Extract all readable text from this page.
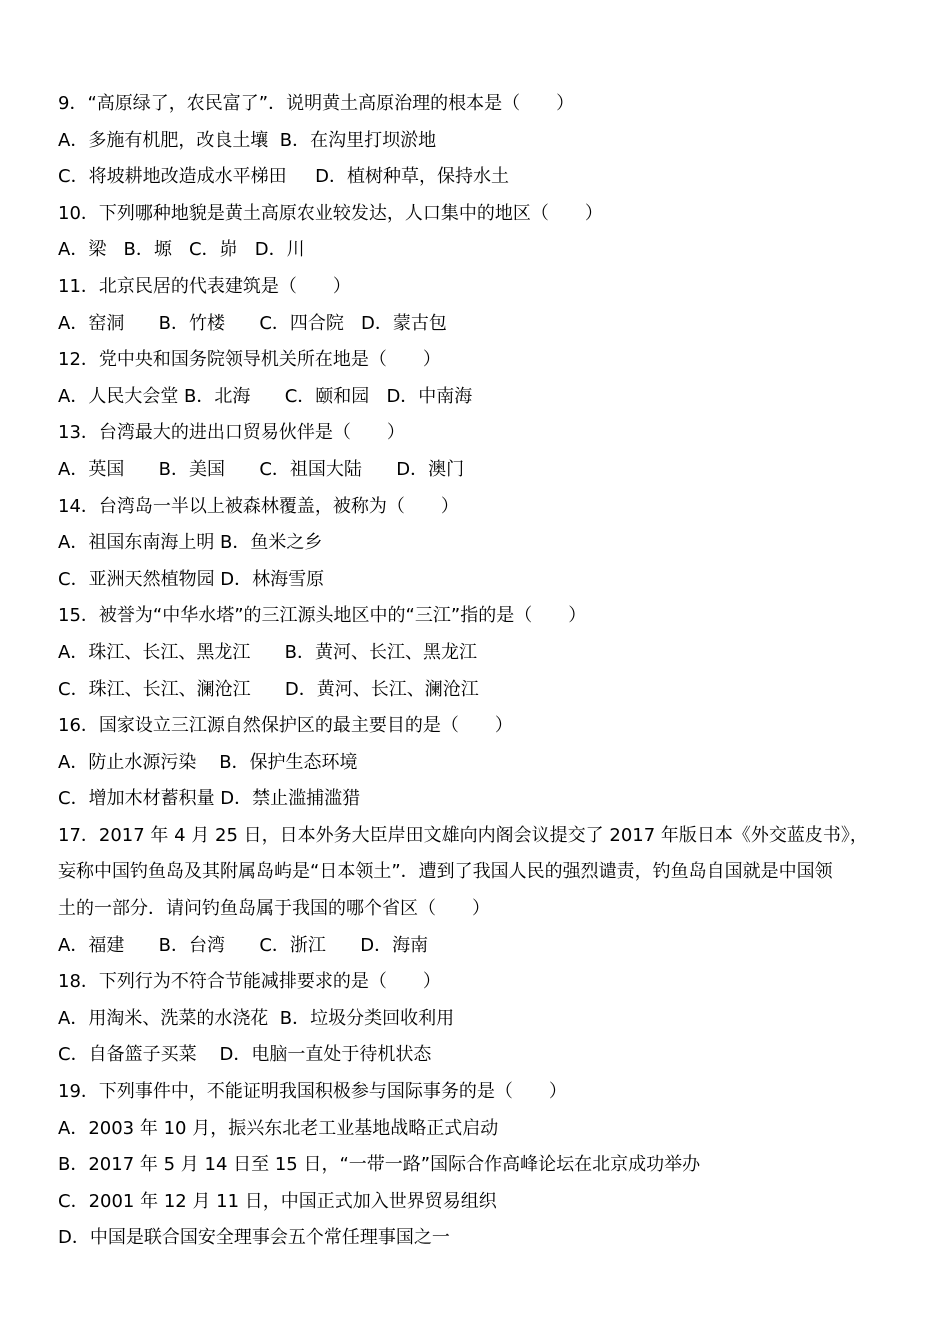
9．“高原绿了，农民富了”．说明黄土高原治理的根本是（　　）
A．多施有机肥，改良土壤  B．在沟里打坝淤地
C．将坡耕地改造成水平梯田     D．植树种草，保持水土
10．下列哪种地貌是黄土高原农业较发达，人口集中的地区（　　）
A．梁   B．塬   C．峁   D．川
11．北京民居的代表建筑是（　　）
A．窑洞      B．竹楼      C．四合院   D．蒙古包
12．党中央和国务院领导机关所在地是（　　）
A．人民大会堂 B．北海      C．颐和园   D．中南海
13．台湾最大的进出口贸易伙伴是（　　）
A．英国      B．美国      C．祖国大陆      D．澳门
14．台湾岛一半以上被森林覆盖，被称为（　　）
A．祖国东南海上明 B．鱼米之乡
C．亚洲天然植物园 D．林海雪原
15．被誉为“中华水塔”的三江源头地区中的“三江”指的是（　　）
A．珠江、长江、黑龙江      B．黄河、长江、黑龙江
C．珠江、长江、澜沧江      D．黄河、长江、澜沧江
16．国家设立三江源自然保护区的最主要目的是（　　）
A．防止水源污染    B．保护生态环境
C．增加木材蓄积量 D．禁止滥捕滥猎
17．2017 年 4 月 25 日，日本外务大臣岸田文雄向内阁会议提交了 2017 年版日本《外交蓝皮书》，
妄称中国钓鱼岛及其附属岛屿是“日本领土”．遭到了我国人民的强烈谴责，钓鱼岛自国就是中国领
土的一部分．请问钓鱼岛属于我国的哪个省区（　　）
A．福建      B．台湾      C．浙江      D．海南
18．下列行为不符合节能减排要求的是（　　）
A．用淘米、洗菜的水浇花  B．垃圾分类回收利用
C．自备篮子买菜    D．电脑一直处于待机状态
19．下列事件中，不能证明我国积极参与国际事务的是（　　）
A．2003 年 10 月，振兴东北老工业基地战略正式启动
B．2017 年 5 月 14 日至 15 日，“一带一路”国际合作高峰论坛在北京成功举办
C．2001 年 12 月 11 日，中国正式加入世界贸易组织
D．中国是联合国安全理事会五个常任理事国之一
